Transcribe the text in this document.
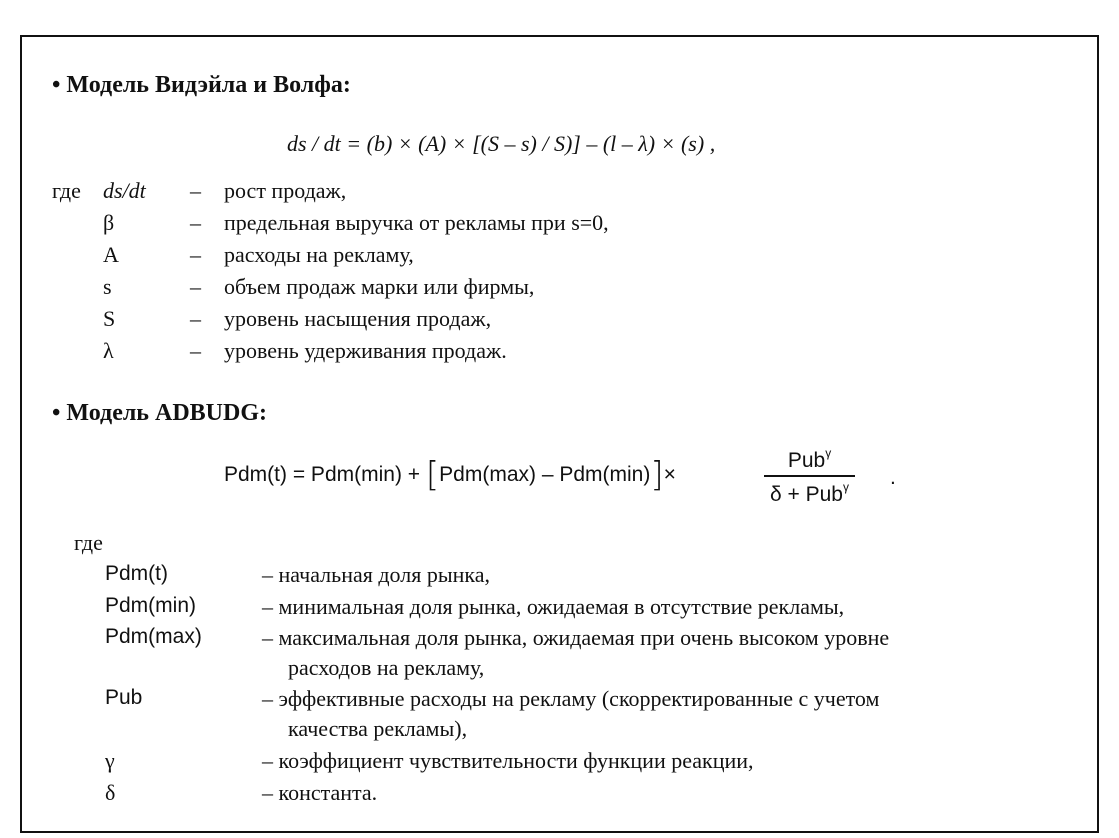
• Модель Видэйла и Волфа:
ds / dt = (b) × (A) × [(S – s) / S)] – (l – λ) × (s) ,
где ds/dt – рост продаж,
β	– предельная выручка от рекламы при s=0,
A	– расходы на рекламу,
s	– объем продаж марки или фирмы,
S	– уровень насыщения продаж,
λ	– уровень удерживания продаж.
• Модель ADBUDG:
Pdm(t) = Pdm(min) + [Pdm(max) – Pdm(min)]×
Pub$^\gamma$
δ + Pub$^\gamma$ .
где
Pdm(t)	– начальная доля рынка,
Pdm(min)	– минимальная доля рынка, ожидаемая в отсутствие рекламы,
Pdm(max)	– максимальная доля рынка, ожидаемая при очень высоком уровне
расходов на рекламу,
Pub	– эффективные расходы на рекламу (скорректированные с учетом
качества рекламы),
γ	– коэффициент чувствительности функции реакции,
δ	– константа.
